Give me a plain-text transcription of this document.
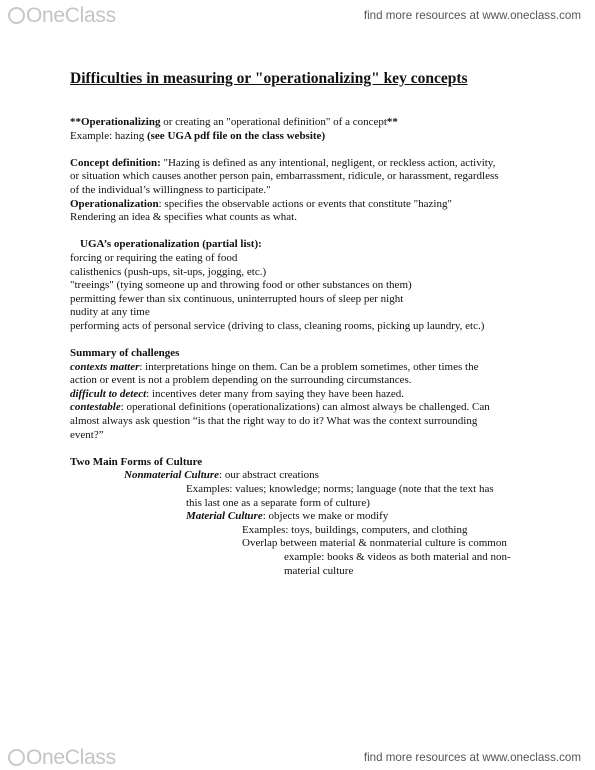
OneClass	find more resources at www.oneclass.com
Difficulties in measuring or "operationalizing" key concepts

**Operationalizing or creating an "operational definition" of a concept**

Example: hazing (see UGA pdf file on the class website)

Concept definition: "Hazing is defined as any intentional, negligent, or reckless action, activity,

or situation which causes another person pain, embarrassment, ridicule, or harassment, regardless

of the individual’s willingness to participate."

Operationalization: specifies the observable actions or events that constitute "hazing"

Rendering an idea & specifies what counts as what.

UGA’s operationalization (partial list):

forcing or requiring the eating of food

calisthenics (push-ups, sit-ups, jogging, etc.)

"treeings" (tying someone up and throwing food or other substances on them)

permitting fewer than six continuous, uninterrupted hours of sleep per night

nudity at any time

performing acts of personal service (driving to class, cleaning rooms, picking up laundry, etc.)

Summary of challenges

contexts matter: interpretations hinge on them. Can be a problem sometimes, other times the

action or event is not a problem depending on the surrounding circumstances.

difficult to detect: incentives deter many from saying they have been hazed.

contestable: operational definitions (operationalizations) can almost always be challenged. Can

almost always ask question “is that the right way to do it? What was the context surrounding

event?”

Two Main Forms of Culture

Nonmaterial Culture: our abstract creations

Examples: values; knowledge; norms; language (note that the text has

this last one as a separate form of culture)

Material Culture: objects we make or modify

Examples: toys, buildings, computers, and clothing

Overlap between material & nonmaterial culture is common

example: books & videos as both material and non-

material culture

OneClass	find more resources at www.oneclass.com
